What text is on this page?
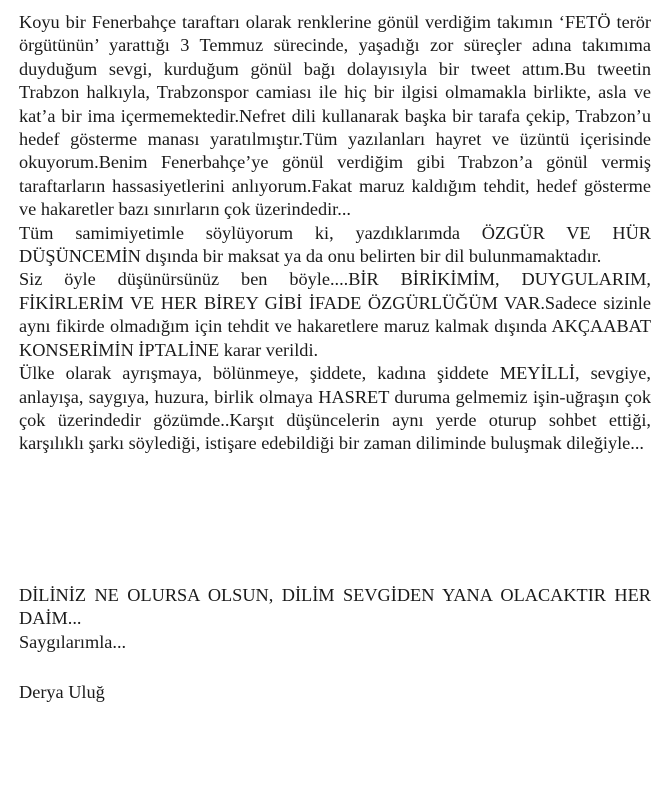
Koyu bir Fenerbahçe taraftarı olarak renklerine gönül verdiğim takımın ‘FETÖ terör örgütünün’ yarattığı 3 Temmuz sürecinde, yaşadığı zor süreçler adına takımıma duyduğum sevgi, kurduğum gönül bağı dolayısıyla bir tweet attım.Bu tweetin Trabzon halkıyla, Trabzonspor camiası ile hiç bir ilgisi olmamakla birlikte, asla ve kat’a bir ima içermemektedir.Nefret dili kullanarak başka bir tarafa çekip, Trabzon’u hedef gösterme manası yaratılmıştır.Tüm yazılanları hayret ve üzüntü içerisinde okuyorum.Benim Fenerbahçe’ye gönül verdiğim gibi Trabzon’a gönül vermiş taraftarların hassasiyetlerini anlıyorum.Fakat maruz kaldığım tehdit, hedef gösterme ve hakaretler bazı sınırların çok üzerindedir...

Tüm samimiyetimle söylüyorum ki, yazdıklarımda ÖZGÜR VE HÜR DÜŞÜNCEMİN dışında bir maksat ya da onu belirten bir dil bulunmamaktadır.

Siz öyle düşünürsünüz ben böyle....BİR BİRİKİMİM, DUYGULARIM, FİKİRLERİM VE HER BİREY GİBİ İFADE ÖZGÜRLÜĞÜM VAR.Sadece sizinle aynı fikirde olmadığım için tehdit ve hakaretlere maruz kalmak dışında AKÇAABAT KONSERİMİN İPTALİNE karar verildi.

Ülke olarak ayrışmaya, bölünmeye, şiddete, kadına şiddete MEYİLLİ, sevgiye, anlayışa, saygıya, huzura, birlik olmaya HASRET duruma gelmemiz işin-uğraşın çok çok üzerindedir gözümde..Karşıt düşüncelerin aynı yerde oturup sohbet ettiği, karşılıklı şarkı söylediği, istişare edebildiği bir zaman diliminde buluşmak dileğiyle...

DİLİNİZ NE OLURSA OLSUN, DİLİM SEVGİDEN YANA OLACAKTIR HER DAİM...

Saygılarımla...

Derya Uluğ
